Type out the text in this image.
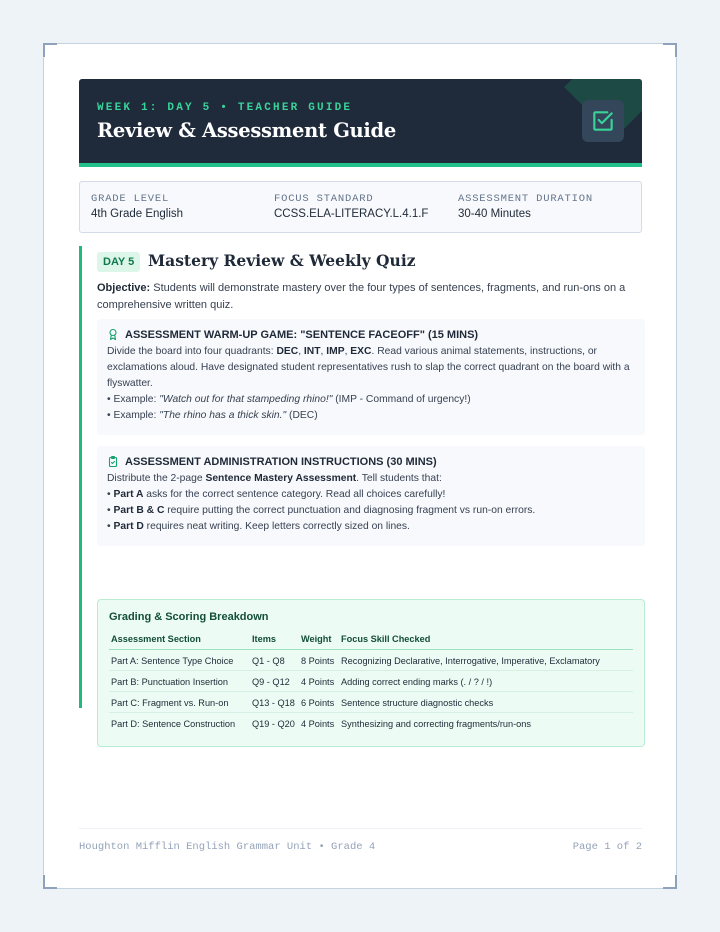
WEEK 1: DAY 5 • TEACHER GUIDE
Review & Assessment Guide
GRADE LEVEL
4th Grade English
FOCUS STANDARD
CCSS.ELA-LITERACY.L.4.1.F
ASSESSMENT DURATION
30-40 Minutes
DAY 5 Mastery Review & Weekly Quiz
Objective: Students will demonstrate mastery over the four types of sentences, fragments, and run-ons on a comprehensive written quiz.
ASSESSMENT WARM-UP GAME: "SENTENCE FACEOFF" (15 MINS)
Divide the board into four quadrants: DEC, INT, IMP, EXC. Read various animal statements, instructions, or exclamations aloud. Have designated student representatives rush to slap the correct quadrant on the board with a flyswatter.
• Example: "Watch out for that stampeding rhino!" (IMP - Command of urgency!)
• Example: "The rhino has a thick skin." (DEC)
ASSESSMENT ADMINISTRATION INSTRUCTIONS (30 MINS)
Distribute the 2-page Sentence Mastery Assessment. Tell students that:
• Part A asks for the correct sentence category. Read all choices carefully!
• Part B & C require putting the correct punctuation and diagnosing fragment vs run-on errors.
• Part D requires neat writing. Keep letters correctly sized on lines.
Grading & Scoring Breakdown
Assessment Section	Items	Weight	Focus Skill Checked
Part A: Sentence Type Choice	Q1 - Q8	8 Points	Recognizing Declarative, Interrogative, Imperative, Exclamatory
Part B: Punctuation Insertion	Q9 - Q12	4 Points	Adding correct ending marks (. / ? / !)
Part C: Fragment vs. Run-on	Q13 - Q18	6 Points	Sentence structure diagnostic checks
Part D: Sentence Construction	Q19 - Q20	4 Points	Synthesizing and correcting fragments/run-ons
Houghton Mifflin English Grammar Unit • Grade 4	Page 1 of 2
